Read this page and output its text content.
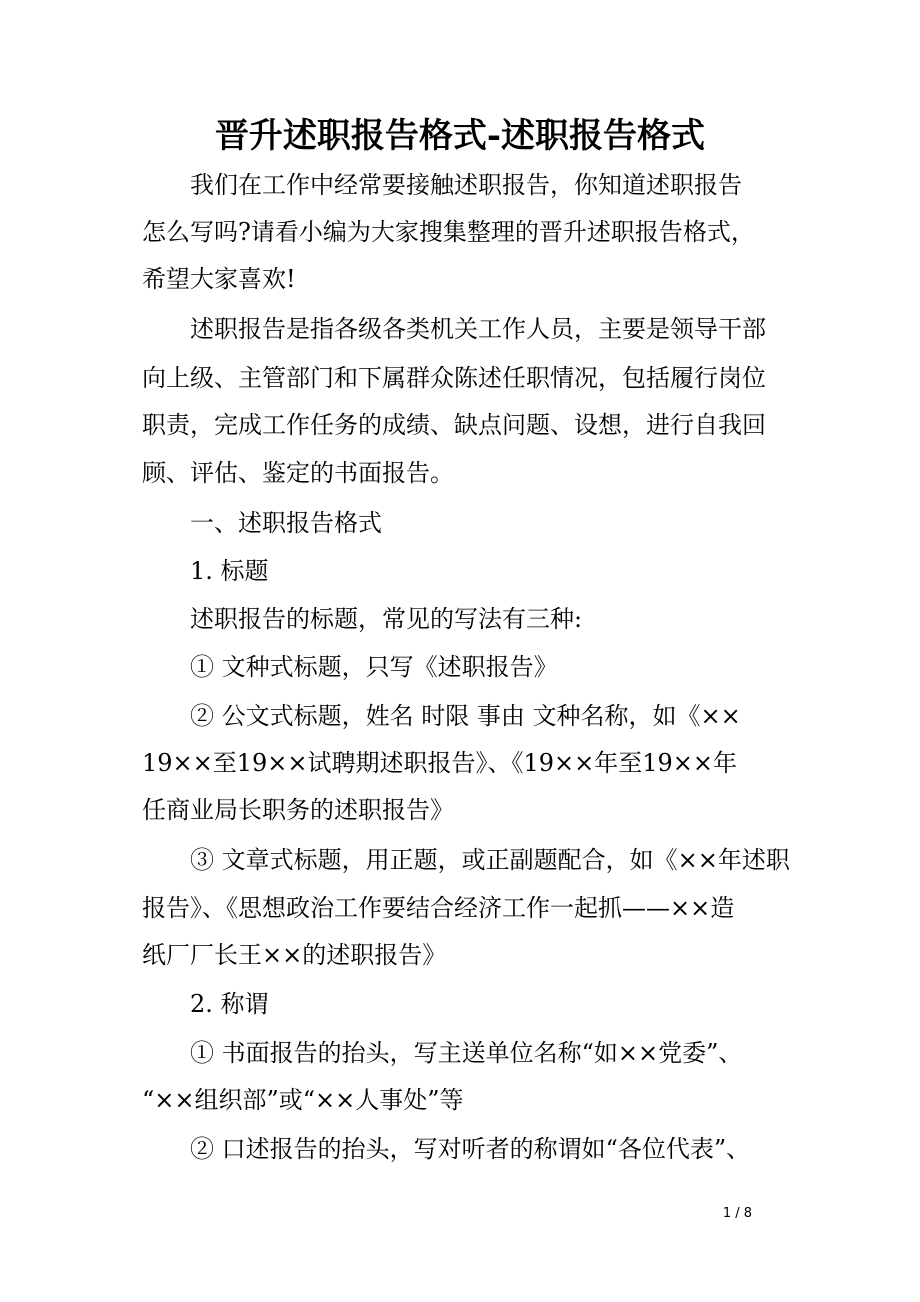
晋升述职报告格式-述职报告格式

我们在工作中经常要接触述职报告，你知道述职报告

怎么写吗?请看小编为大家搜集整理的晋升述职报告格式，

希望大家喜欢!

述职报告是指各级各类机关工作人员，主要是领导干部

向上级、主管部门和下属群众陈述任职情况，包括履行岗位

职责，完成工作任务的成绩、缺点问题、设想，进行自我回

顾、评估、鉴定的书面报告。

一、述职报告格式

1. 标题

述职报告的标题，常见的写法有三种:

① 文种式标题，只写《述职报告》

② 公文式标题，姓名 时限 事由 文种名称，如《××

19××至19××试聘期述职报告》、《19××年至19××年

任商业局长职务的述职报告》

③ 文章式标题，用正题，或正副题配合，如《××年述职

报告》、《思想政治工作要结合经济工作一起抓——××造

纸厂厂长王××的述职报告》

2. 称谓

① 书面报告的抬头，写主送单位名称“如××党委”、

“××组织部”或“××人事处”等

② 口述报告的抬头，写对听者的称谓如“各位代表”、

1 / 8
